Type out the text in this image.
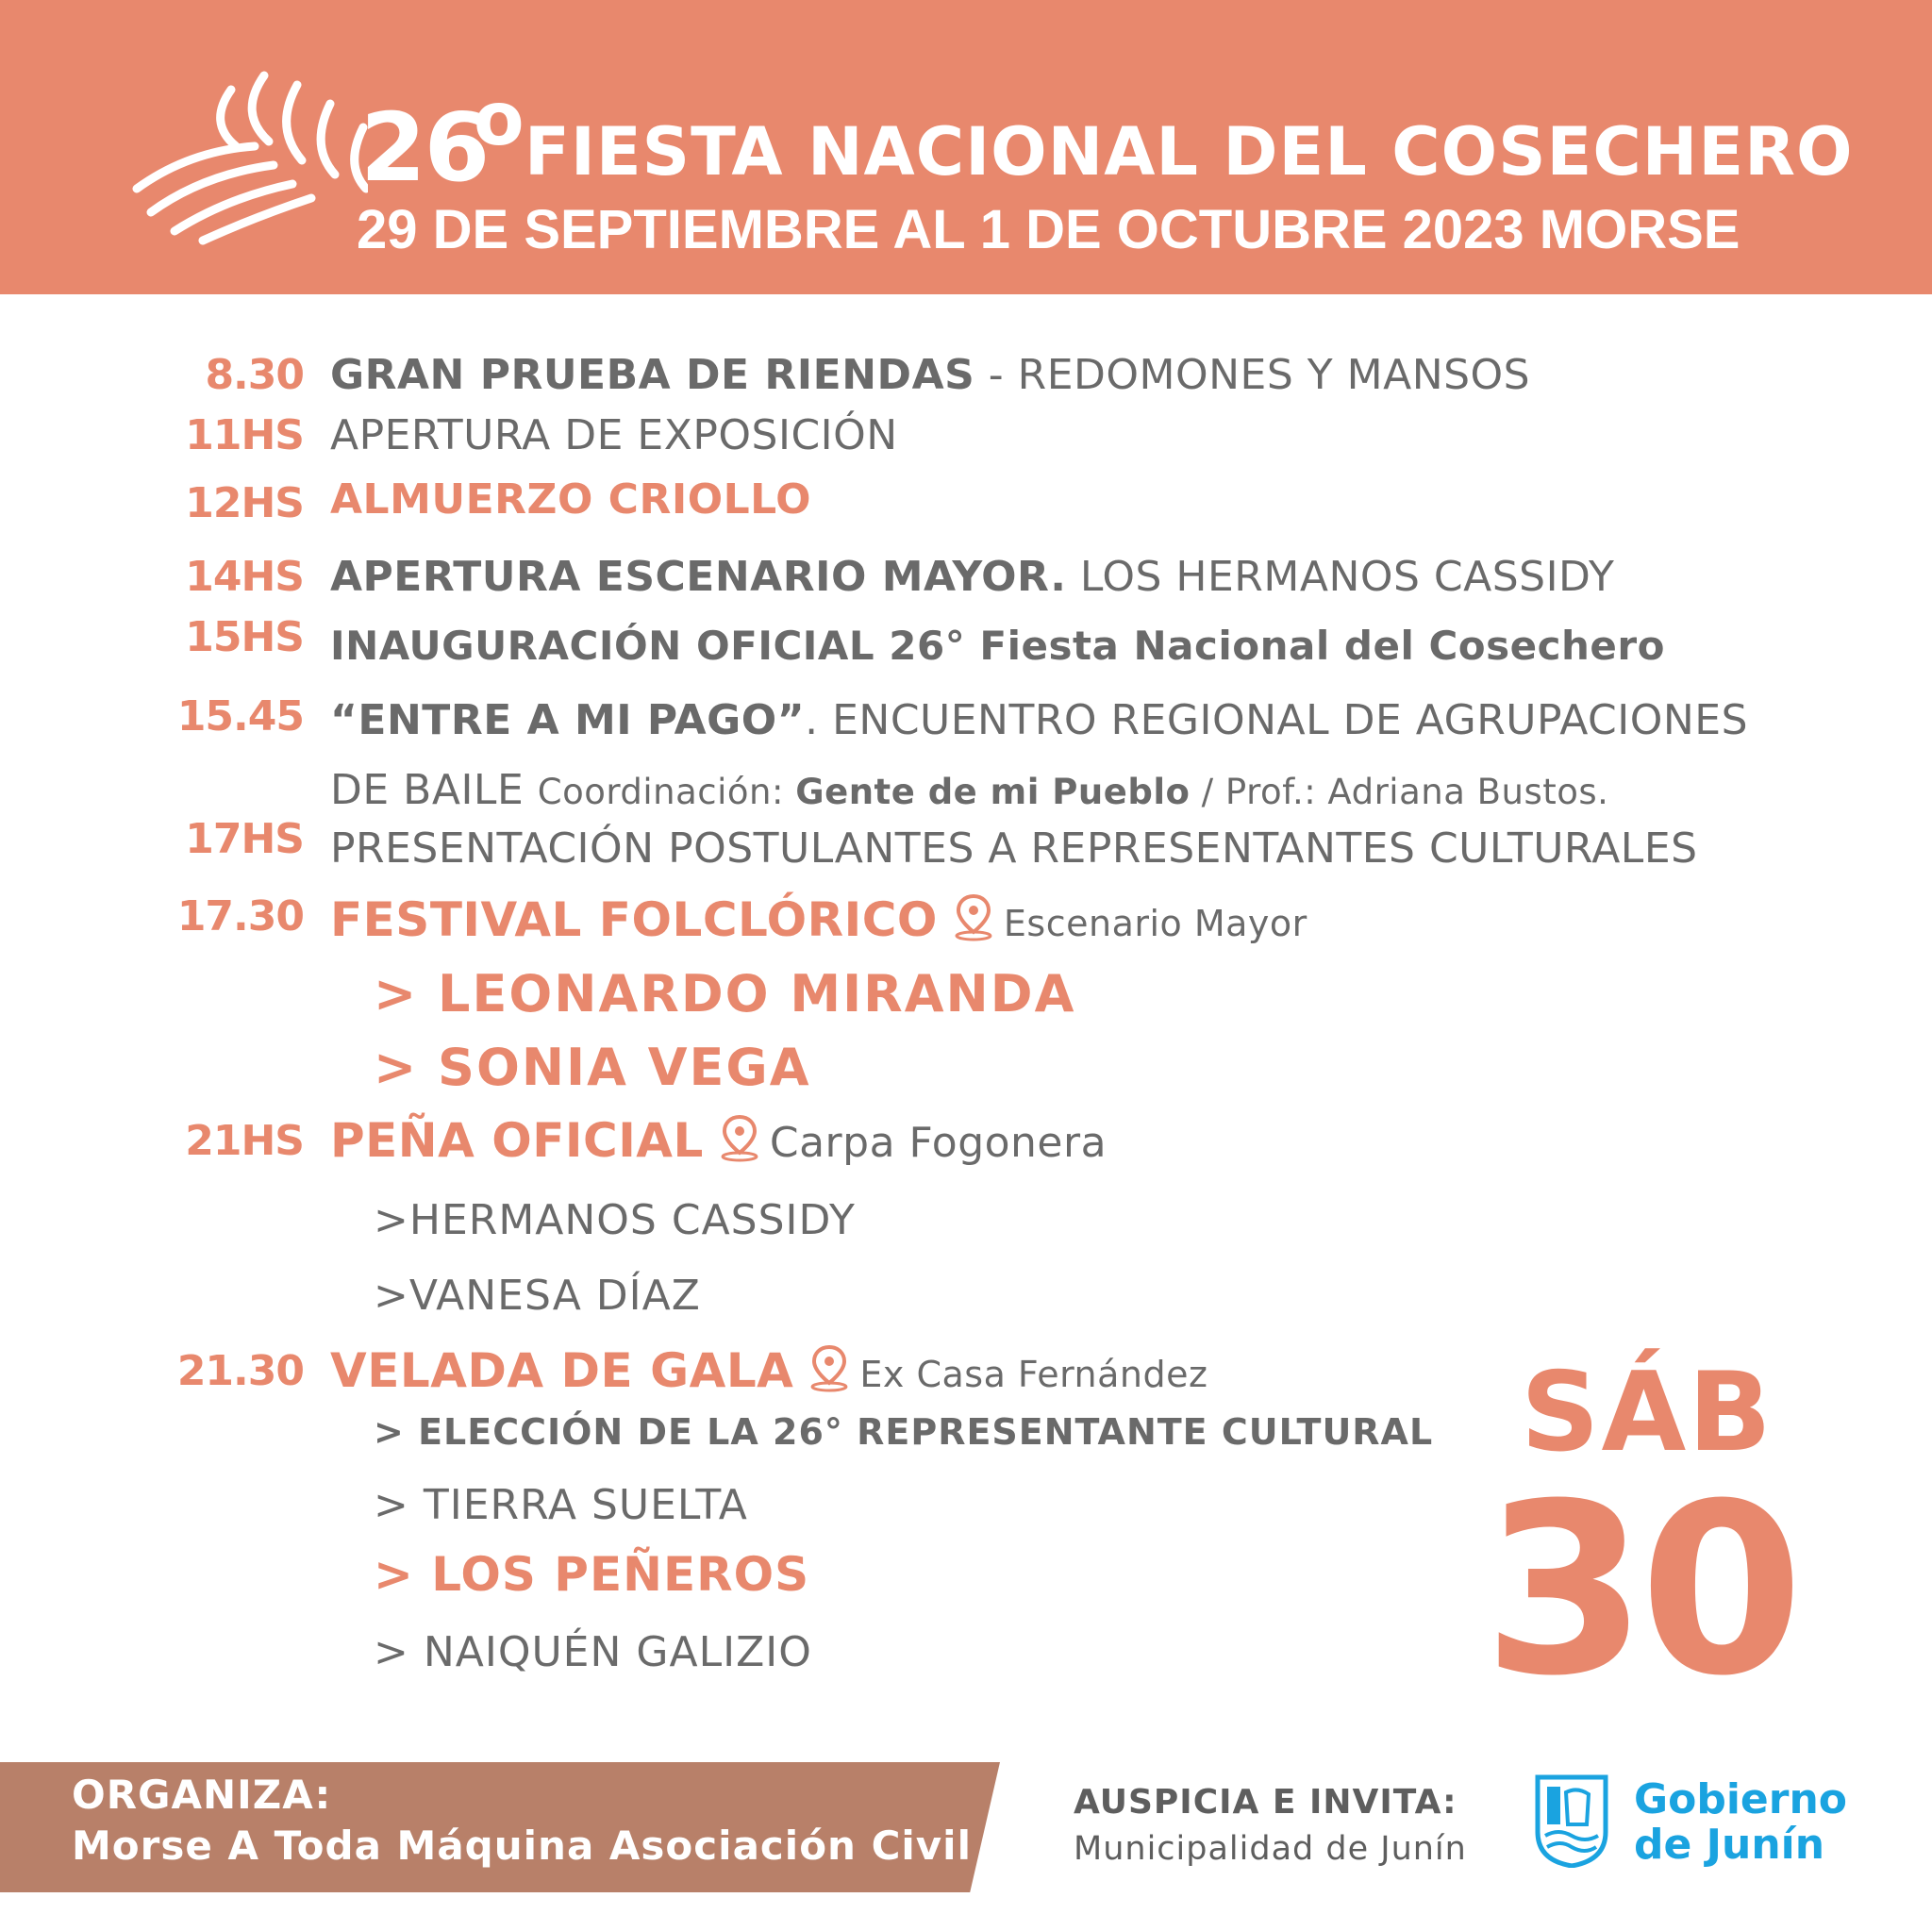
26
o FIESTA NACIONAL DEL COSECHERO
29 DE SEPTIEMBRE AL 1 DE OCTUBRE 2023 MORSE
8.30 GRAN PRUEBA DE RIENDAS - REDOMONES Y MANSOS
11HS APERTURA DE EXPOSICIÓN
12HS ALMUERZO CRIOLLO
14HS APERTURA ESCENARIO MAYOR. LOS HERMANOS CASSIDY
15HS INAUGURACIÓN OFICIAL 26° Fiesta Nacional del Cosechero
15.45 “ENTRE A MI PAGO”. ENCUENTRO REGIONAL DE AGRUPACIONES
DE BAILE Coordinación: Gente de mi Pueblo / Prof.: Adriana Bustos.
17HS PRESENTACIÓN POSTULANTES A REPRESENTANTES CULTURALES
17.30 FESTIVAL FOLCLÓRICO Escenario Mayor
> LEONARDO MIRANDA
> SONIA VEGA
21HS PEÑA OFICIAL Carpa Fogonera
>HERMANOS CASSIDY
>VANESA DÍAZ
21.30 VELADA DE GALA Ex Casa Fernández
> ELECCIÓN DE LA 26° REPRESENTANTE CULTURAL
> TIERRA SUELTA
> LOS PEÑEROS
> NAIQUÉN GALIZIO
SÁB
30
ORGANIZA:
Morse A Toda Máquina Asociación Civil
AUSPICIA E INVITA:
Municipalidad de Junín
Gobierno
de Junín
